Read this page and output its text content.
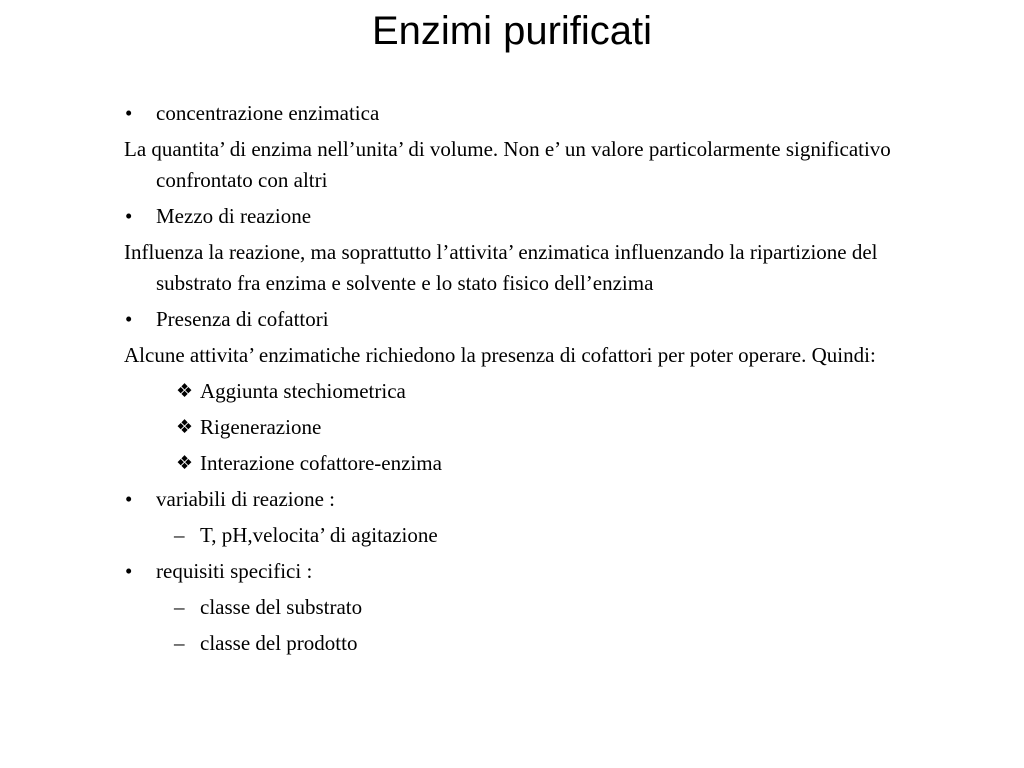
Enzimi purificati

• concentrazione enzimatica

La quantita’ di enzima nell’unita’ di volume. Non e’ un valore particolarmente significativo confrontato con altri

• Mezzo di reazione

Influenza la reazione, ma soprattutto l’attivita’ enzimatica influenzando la ripartizione del substrato fra enzima e solvente e lo stato fisico dell’enzima

• Presenza di cofattori

Alcune attivita’ enzimatiche richiedono la presenza di cofattori per poter operare. Quindi:

❖ Aggiunta stechiometrica

❖ Rigenerazione

❖ Interazione cofattore-enzima

• variabili di reazione :

– T, pH,velocita’ di agitazione

• requisiti specifici :

– classe del substrato

– classe del prodotto
